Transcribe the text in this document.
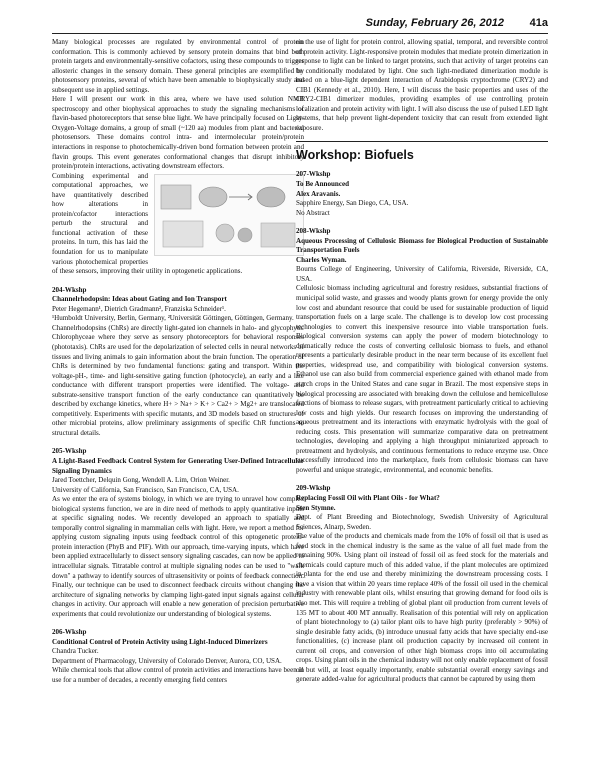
Sunday, February 26, 2012 41a

Many biological processes are regulated by environmental control of protein conformation. This is commonly achieved by sensory protein domains that bind both protein targets and environmentally-sensitive cofactors, using these compounds to trigger allosteric changes in the sensory domain. These general principles are exemplified by photosensory proteins, several of which have been amenable to biophysically study and subsequent use in applied settings.

Here I will present our work in this area, where we have used solution NMR spectroscopy and other biophysical approaches to study the signaling mechanisms of flavin-based photoreceptors that sense blue light. We have principally focused on Light-Oxygen-Voltage domains, a group of small (~120 aa) modules from plant and bacterial photosensors. These domains control intra- and intermolecular protein/protein interactions in response to photochemically-driven bond formation between protein and flavin groups. This event generates conformational changes that disrupt inhibitory protein/protein interactions, activating downstream effectors.

Combining experimental and computational approaches, we have quantitatively described how alterations in protein/cofactor interactions perturb the structural and functional activation of these proteins. In turn, this has laid the foundation for us to manipulate various photochemical properties of these sensors, improving their utility in optogenetic applications.

204-Wkshp

Channelrhodopsin: Ideas about Gating and Ion Transport

Peter Hegemann¹, Dietrich Gradmann², Franziska Schneider¹.

¹Humboldt University, Berlin, Germany, ²Universität Göttingen, Göttingen, Germany.

Channelrhodopsins (ChRs) are directly light-gated ion channels in halo- and glycophytic Chlorophyceae where they serve as sensory photoreceptors for behavioral responses (phototaxis). ChRs are used for the depolarization of selected cells in neural networks of tissues and living animals to gain information about the brain function. The operation of ChRs is determined by two fundamental functions: gating and transport. Within the voltage-pH-, time- and light-sensitive gating function (photocycle), an early and a late conductance with different transport properties were identified. The voltage- and substrate-sensitive transport function of the early conductance can quantitatively be described by exchange kinetics, where H+ > Na+ > K+ > Ca2+ > Mg2+ are translocated competitively. Experiments with specific mutants, and 3D models based on structures of other microbial proteins, allow preliminary assignments of specific ChR functions to structural details.

205-Wkshp

A Light-Based Feedback Control System for Generating User-Defined Intracellular Signaling Dynamics

Jared Toettcher, Delquin Gong, Wendell A. Lim, Orion Weiner.

University of California, San Francisco, San Francisco, CA, USA.

As we enter the era of systems biology, in which we are trying to unravel how complex biological systems function, we are in dire need of methods to apply quantitative inputs at specific signaling nodes. We recently developed an approach to spatially and temporally control signaling in mammalian cells with light. Here, we report a method for applying custom signaling inputs using feedback control of this optogenetic protein-protein interaction (PhyB and PIF). With our approach, time-varying inputs, which have been applied extracellularly to dissect sensory signaling cascades, can now be applied to intracellular signals. Titratable control at multiple signaling nodes can be used to "walk down" a pathway to identify sources of ultrasensitivity or points of feedback connection. Finally, our technique can be used to disconnect feedback circuits without changing the architecture of signaling networks by clamping light-gated input signals against cellular changes in activity. Our approach will enable a new generation of precision perturbative experiments that could revolutionize our understanding of biological systems.

206-Wkshp

Conditional Control of Protein Activity using Light-Induced Dimerizers

Chandra Tucker.

Department of Pharmacology, University of Colorado Denver, Aurora, CO, USA.

While chemical tools that allow control of protein activities and interactions have been in use for a number of decades, a recently emerging field centers

on the use of light for protein control, allowing spatial, temporal, and reversible control of protein activity. Light-responsive protein modules that mediate protein dimerization in response to light can be linked to target proteins, such that activity of target proteins can be conditionally modulated by light. One such light-mediated dimerization module is based on a blue-light dependent interaction of Arabidopsis cryptochrome (CRY2) and CIB1 (Kennedy et al., 2010). Here, I will discuss the basic properties and uses of the CRY2-CIB1 dimerizer modules, providing examples of use controlling protein localization and protein activity with light. I will also discuss the use of pulsed LED light systems, that help prevent light-dependent toxicity that can result from extended light exposure.

Workshop: Biofuels

207-Wkshp

To Be Announced

Alex Aravanis.

Sapphire Energy, San Diego, CA, USA.

No Abstract

208-Wkshp

Aqueous Processing of Cellulosic Biomass for Biological Production of Sustainable Transportation Fuels

Charles Wyman.

Bourns College of Engineering, University of California, Riverside, Riverside, CA, USA.

Cellulosic biomass including agricultural and forestry residues, substantial fractions of municipal solid waste, and grasses and woody plants grown for energy provide the only low cost and abundant resource that could be used for sustainable production of liquid transportation fuels on a large scale. The challenge is to develop low cost processing technologies to convert this inexpensive resource into viable transportation fuels. Biological conversion systems can apply the power of modern biotechnology to dramatically reduce the costs of converting cellulosic biomass to fuels, and ethanol represents a particularly desirable product in the near term because of its excellent fuel properties, widespread use, and compatibility with biological conversion systems. Ethanol use can also build from commercial experience gained with ethanol made from starch crops in the United States and cane sugar in Brazil. The most expensive steps in biological processing are associated with breaking down the cellulose and hemicellulose fractions of biomass to release sugars, with pretreatment particularly critical to achieving low costs and high yields. Our research focuses on improving the understanding of aqueous pretreatment and its interactions with enzymatic hydrolysis with the goal of reducing costs. This presentation will summarize comparative data on pretreatment technologies, developing and applying a high throughput miniaturized approach to pretreatment and hydrolysis, and continuous fermentations to reduce enzyme use. Once successfully introduced into the marketplace, fuels from cellulosic biomass can have powerful and unique strategic, environmental, and economic benefits.

209-Wkshp

Replacing Fossil Oil with Plant Oils - for What?

Sten Stymne.

Dept. of Plant Breeding and Biotechnology, Swedish University of Agricultural Sciences, Alnarp, Sweden.

The value of the products and chemicals made from the 10% of fossil oil that is used as feed stock in the chemical industry is the same as the value of all fuel made from the remaining 90%. Using plant oil instead of fossil oil as feed stock for the materials and chemicals could capture much of this added value, if the plant molecules are optimized in-planta for the end use and thereby minimizing the downstream processing costs. I have a vision that within 20 years time replace 40% of the fossil oil used in the chemical industry with renewable plant oils, whilst ensuring that growing demand for food oils is also met. This will require a trebling of global plant oil production from current levels of 135 MT to about 400 MT annually. Realisation of this potential will rely on application of plant biotechnology to (a) tailor plant oils to have high purity (preferably > 90%) of single desirable fatty acids, (b) introduce unusual fatty acids that have specialty end-use functionalities, (c) increase plant oil production capacity by increased oil content in current oil crops, and conversion of other high biomass crops into oil accumulating crops. Using plant oils in the chemical industry will not only enable replacement of fossil oil but will, at least equally importantly, enable substantial overall energy savings and generate added-value for agricultural products that cannot be captured by using them
